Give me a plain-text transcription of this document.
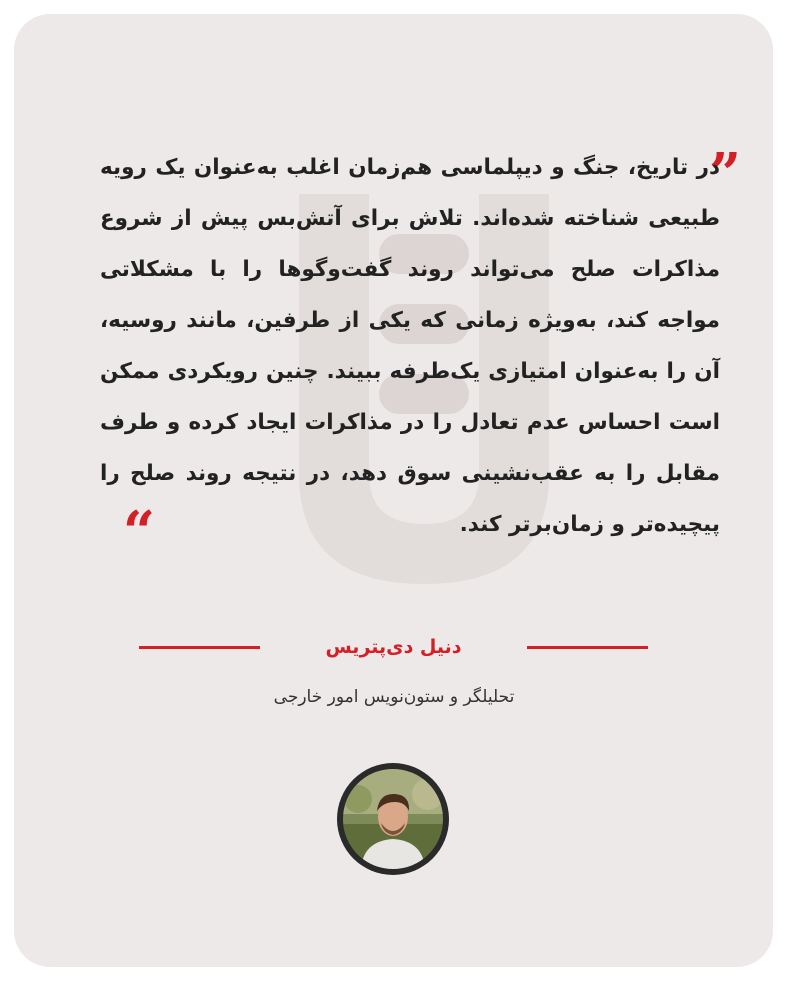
”
در تاریخ، جنگ و دیپلماسی هم‌زمان اغلب به‌عنوان یک رویه طبیعی شناخته شده‌اند. تلاش برای آتش‌بس پیش از شروع مذاکرات صلح می‌تواند روند گفت‌وگوها را با مشکلاتی مواجه کند، به‌ویژه زمانی که یکی از طرفین، مانند روسیه، آن را به‌عنوان امتیازی یک‌طرفه ببیند. چنین رویکردی ممکن است احساس عدم تعادل را در مذاکرات ایجاد کرده و طرف مقابل را به عقب‌نشینی سوق دهد، در نتیجه روند صلح را پیچیده‌تر و زمان‌برتر کند.
“
دنیل دی‌پتریس
تحلیلگر و ستون‌نویس امور خارجی
